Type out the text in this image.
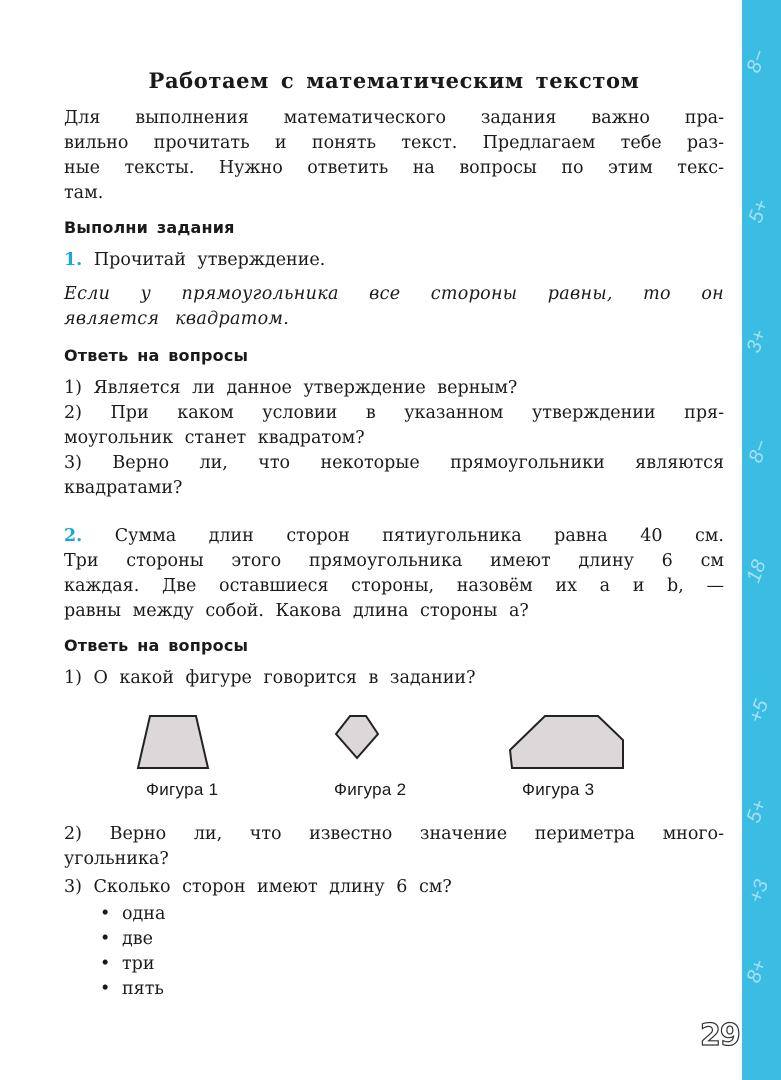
8−
5+
3+
8−
18
+5
5+
+3
8+
Работаем с математическим текстом
Для выполнения математического задания важно пра-
вильно прочитать и понять текст. Предлагаем тебе раз-
ные тексты. Нужно ответить на вопросы по этим текс-
там.
Выполни задания
1. Прочитай утверждение.
Если у прямоугольника все стороны равны, то он
является квадратом.
Ответь на вопросы
1) Является ли данное утверждение верным?
2) При каком условии в указанном утверждении пря-
моугольник станет квадратом?
3) Верно ли, что некоторые прямоугольники являются
квадратами?
2. Сумма длин сторон пятиугольника равна 40 см.
Три стороны этого прямоугольника имеют длину 6 см
каждая. Две оставшиеся стороны, назовём их a и b, —
равны между собой. Какова длина стороны a?
Ответь на вопросы
1) О какой фигуре говорится в задании?
Фигура 1	Фигура 2	Фигура 3
2) Верно ли, что известно значение периметра много-
угольника?
3) Сколько сторон имеют длину 6 см?
• одна
• две
• три
• пять
29
